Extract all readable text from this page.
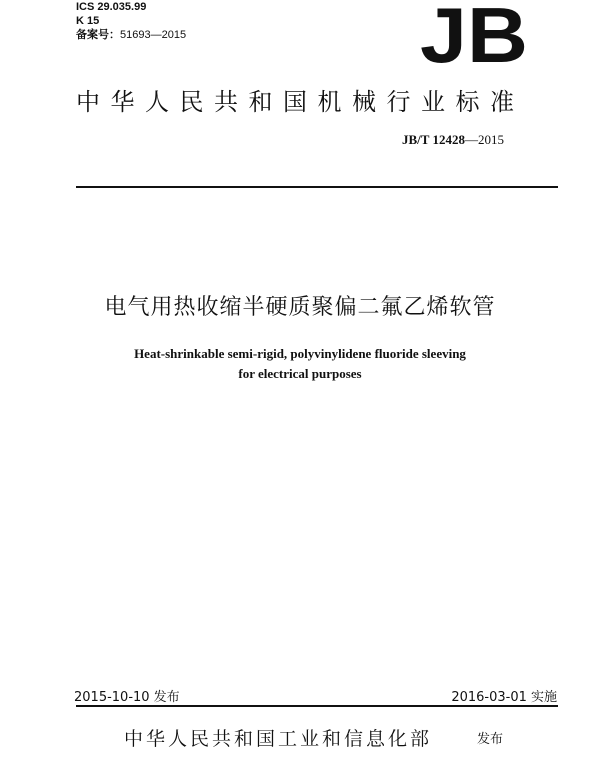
ICS 29.035.99
K 15
备案号：51693—2015	JB
中华人民共和国机械行业标准
JB/T 12428—2015
电气用热收缩半硬质聚偏二氟乙烯软管
Heat-shrinkable semi-rigid, polyvinylidene fluoride sleeving
for electrical purposes
2015-10-10 发布	2016-03-01 实施
中华人民共和国工业和信息化部	发布
